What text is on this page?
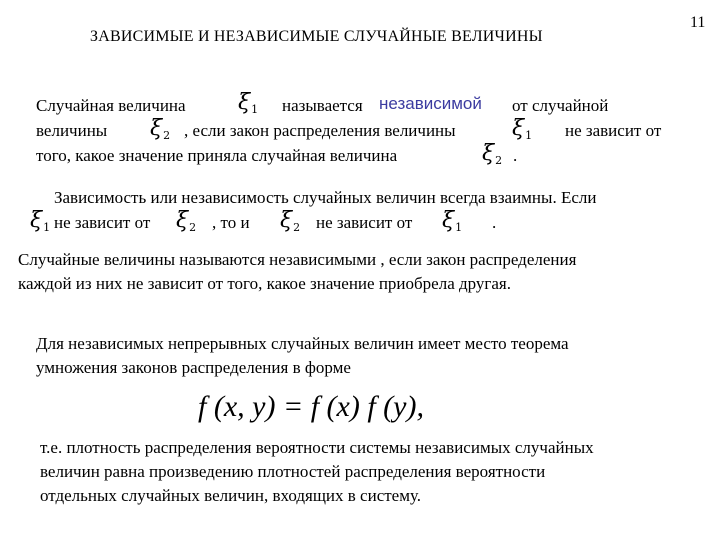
11
ЗАВИСИМЫЕ И НЕЗАВИСИМЫЕ СЛУЧАЙНЫЕ ВЕЛИЧИНЫ
Случайная величина $\xi_1$ называется независимой от случайной
величины $\xi_2$ , если закон распределения величины	$\xi_1$ не зависит от
того, какое значение приняла случайная величина	$\xi_2$ .
Зависимость или независимость случайных величин всегда взаимны. Если
$\xi_1$ не зависит от $\xi_2$ , то и $\xi_2$ не зависит от $\xi_1$ .
Случайные величины называются независимыми , если закон распределения
каждой из них не зависит от того, какое значение приобрела другая.
Для независимых непрерывных случайных величин имеет место теорема
умножения законов распределения в форме
f (x, y) = f (x) f (y),
т.е. плотность распределения вероятности системы независимых случайных
величин равна произведению плотностей распределения вероятности
отдельных случайных величин, входящих в систему.
